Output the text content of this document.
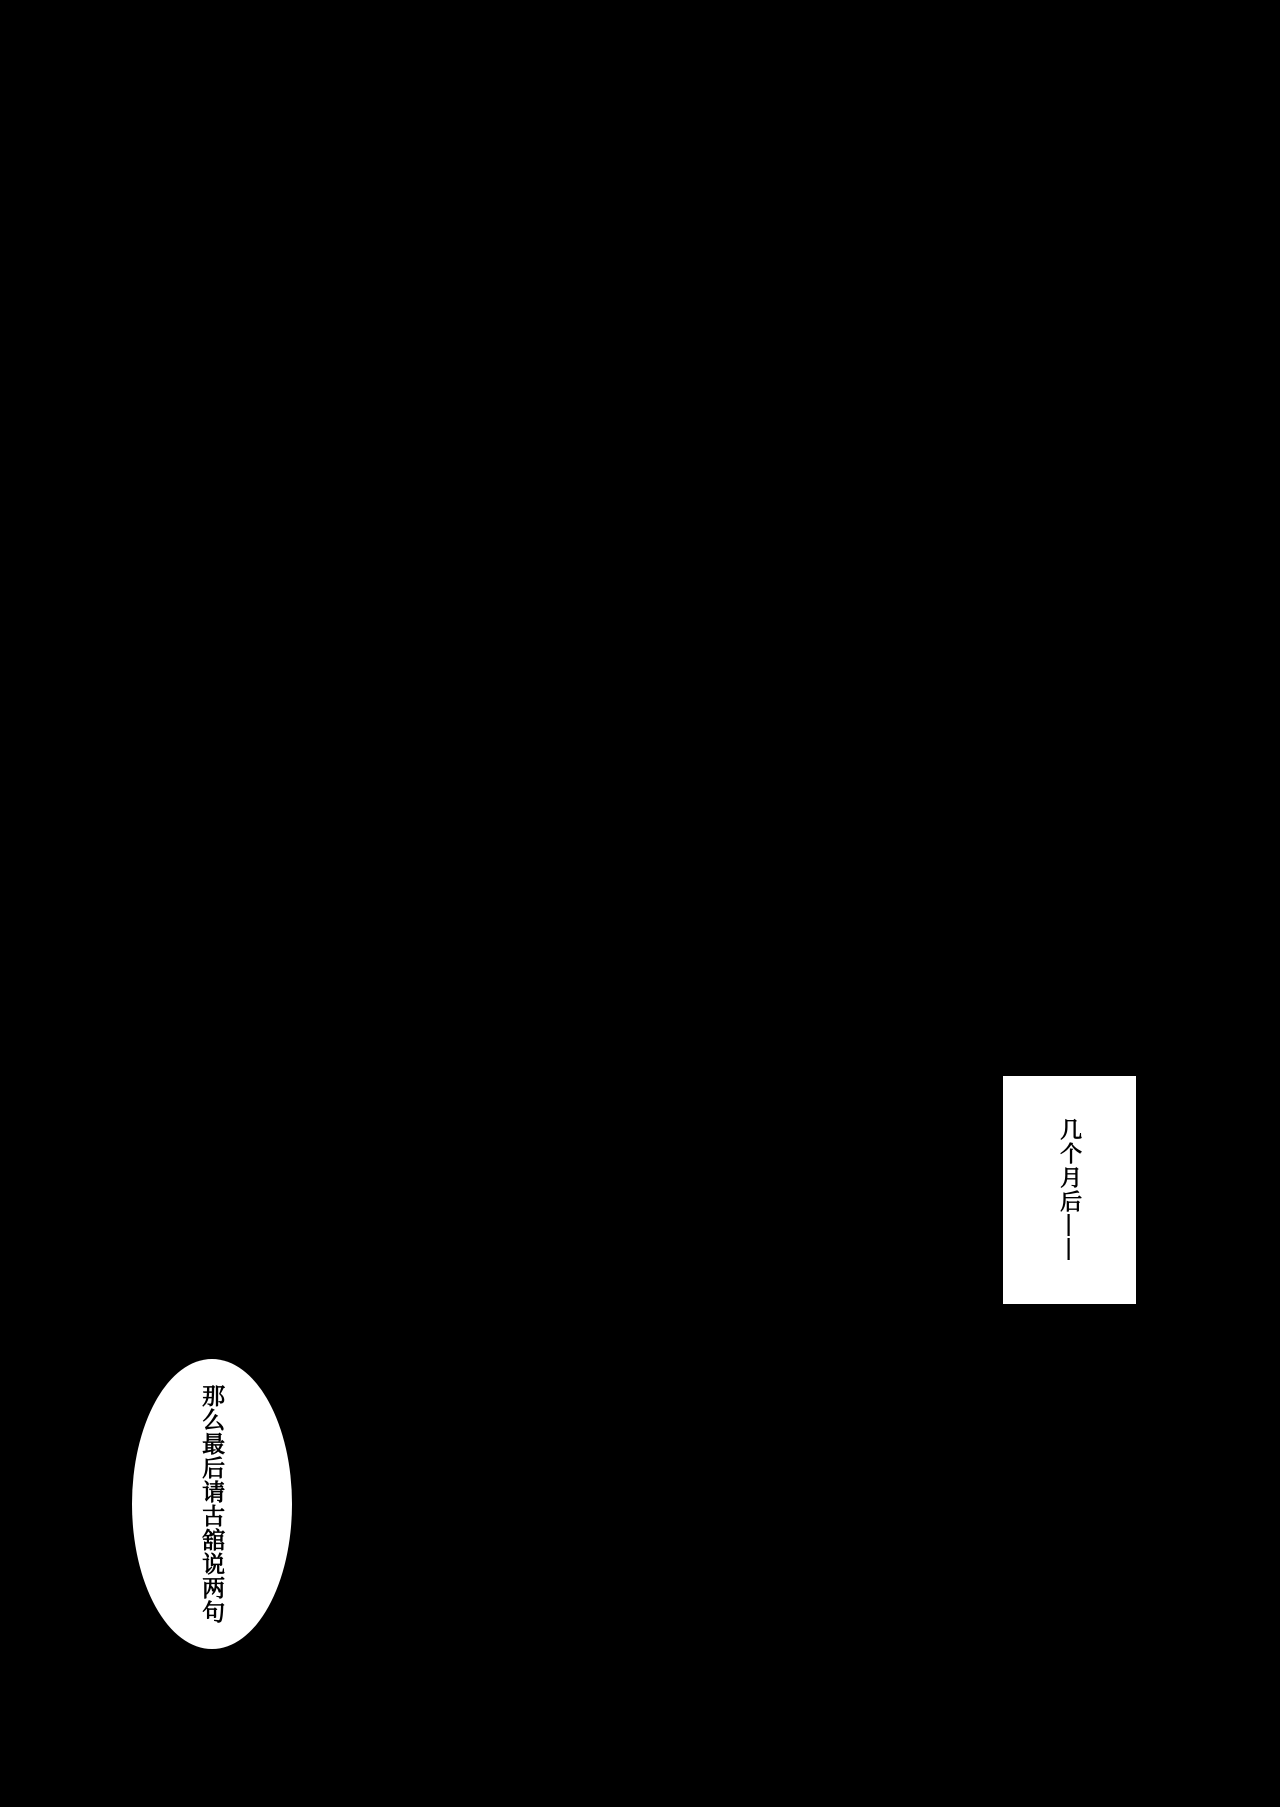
几个月后——
那么最后请古舘说两句
